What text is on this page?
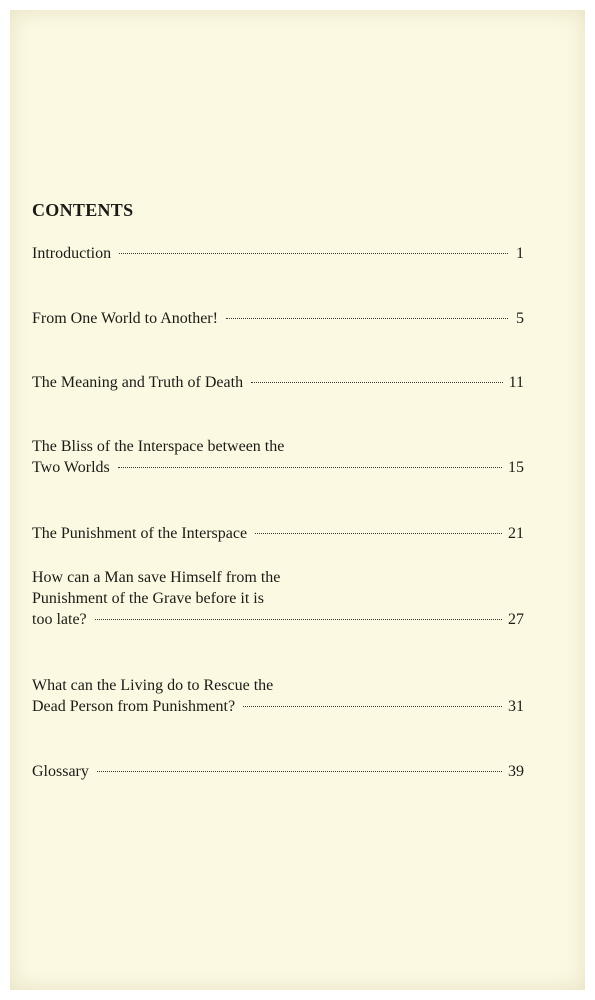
CONTENTS
Introduction	1
From One World to Another!	5
The Meaning and Truth of Death	11
The Bliss of the Interspace between the
Two Worlds	15
The Punishment of the Interspace	21
How can a Man save Himself from the
Punishment of the Grave before it is
too late?	27
What can the Living do to Rescue the
Dead Person from Punishment?	31
Glossary	39
